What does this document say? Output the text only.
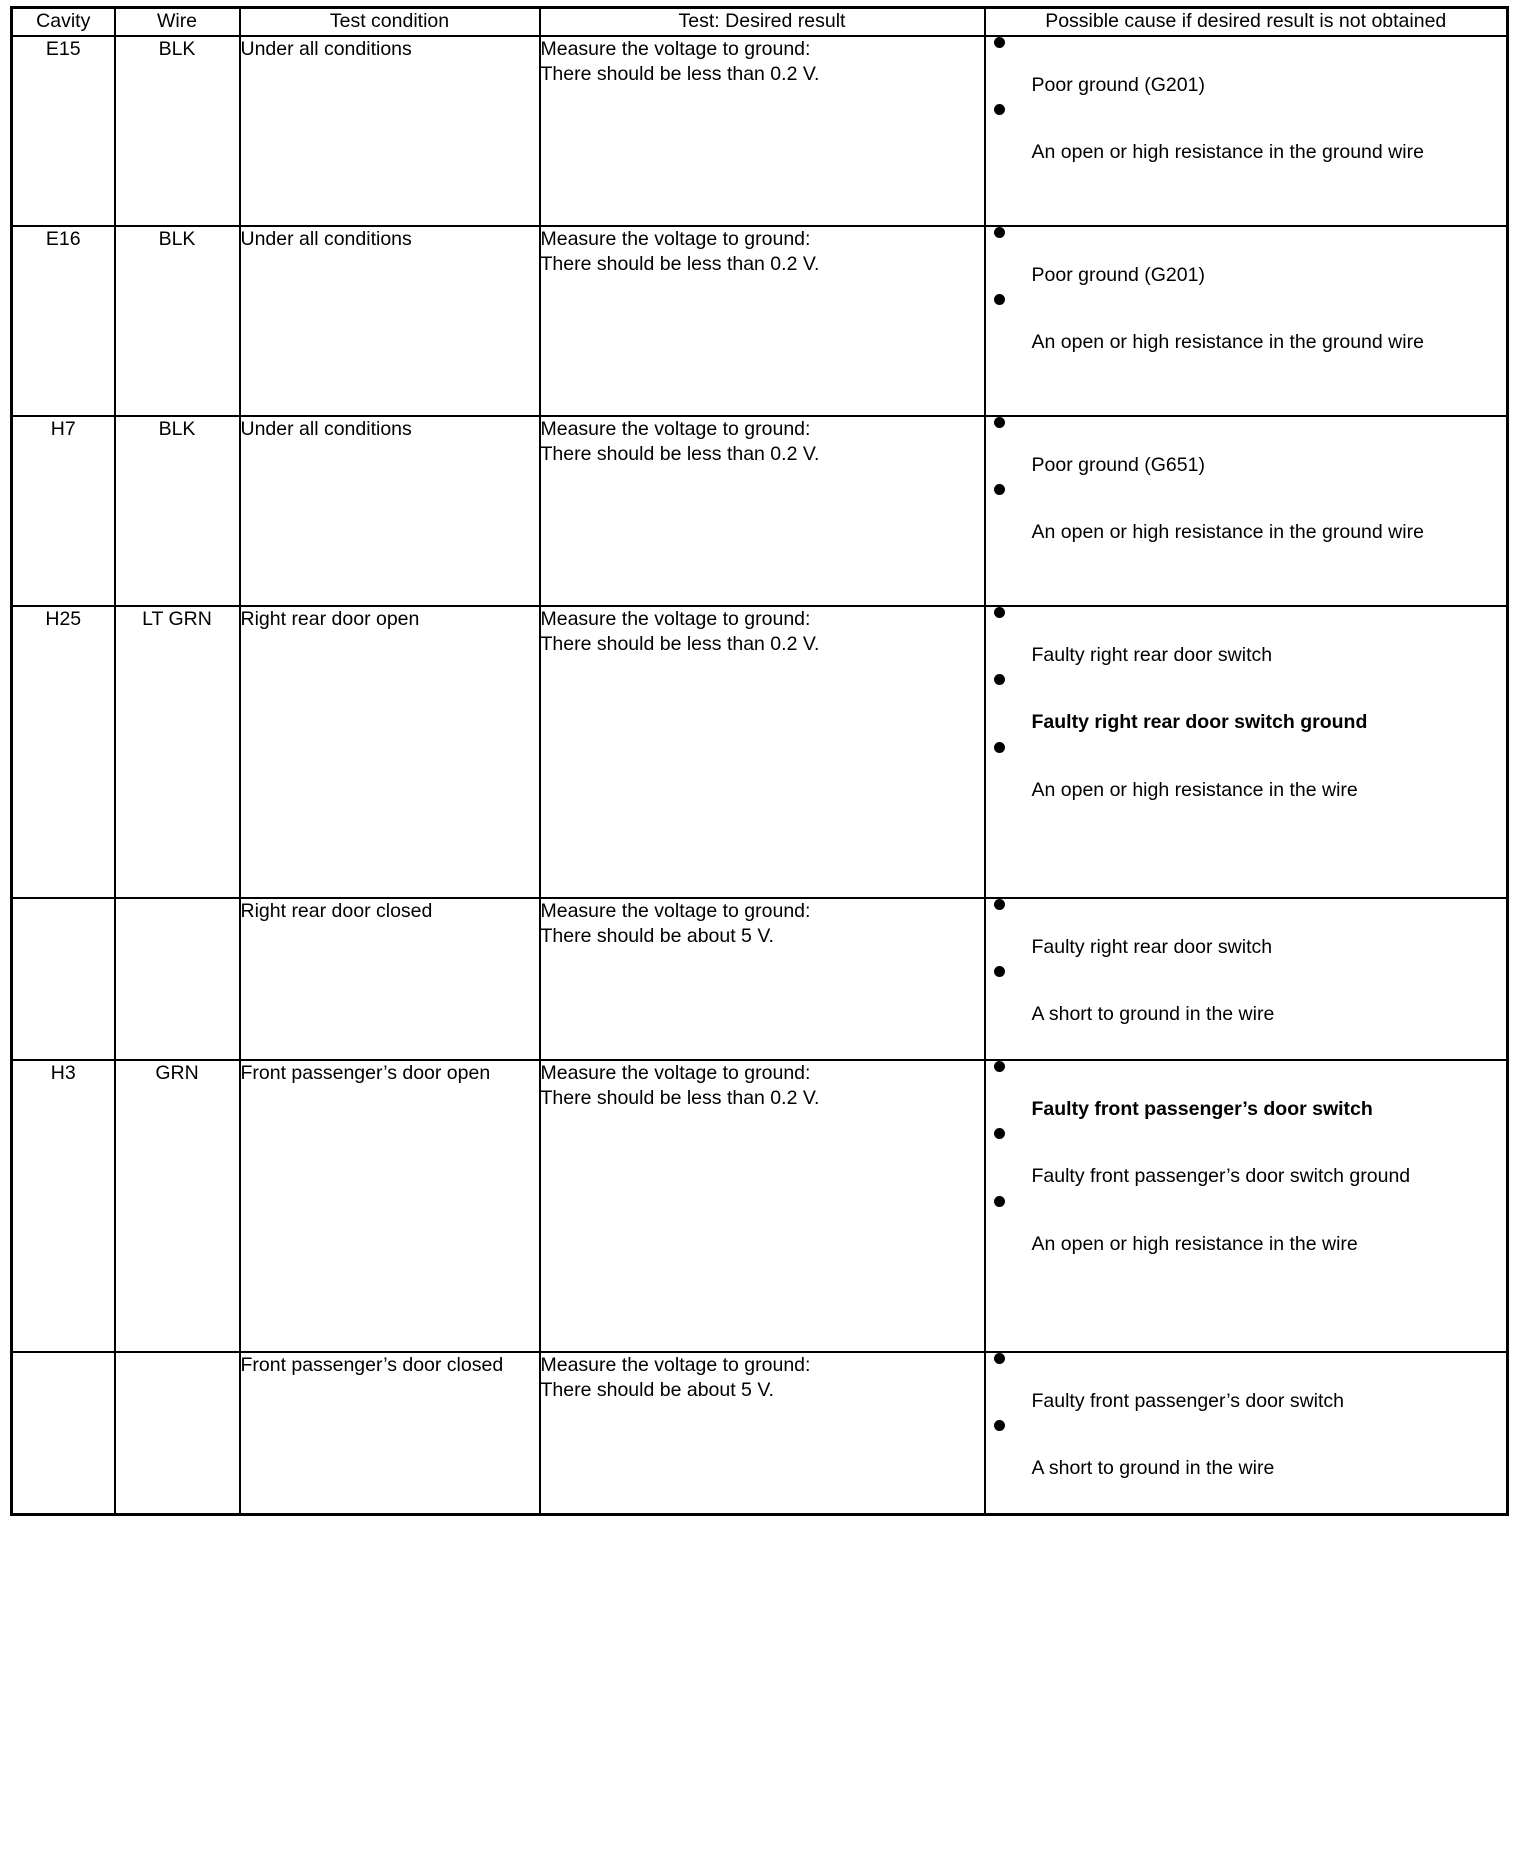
Cavity	Wire	Test condition	Test: Desired result	Possible cause if desired result is not obtained
E15	BLK	Under all conditions	Measure the voltage to ground:
There should be less than 0.2 V.	Poor ground (G201)
An open or high resistance in the ground wire

E16	BLK	Under all conditions	Measure the voltage to ground:
There should be less than 0.2 V.	Poor ground (G201)
An open or high resistance in the ground wire

H7	BLK	Under all conditions	Measure the voltage to ground:
There should be less than 0.2 V.	Poor ground (G651)
An open or high resistance in the ground wire

H25	LT GRN	Right rear door open	Measure the voltage to ground:
There should be less than 0.2 V.	Faulty right rear door switch
Faulty right rear door switch ground
An open or high resistance in the wire

		Right rear door closed	Measure the voltage to ground:
There should be about 5 V.	Faulty right rear door switch
A short to ground in the wire

H3	GRN	Front passenger’s door open	Measure the voltage to ground:
There should be less than 0.2 V.	Faulty front passenger’s door switch
Faulty front passenger’s door switch ground
An open or high resistance in the wire

		Front passenger’s door closed	Measure the voltage to ground:
There should be about 5 V.	Faulty front passenger’s door switch
A short to ground in the wire
